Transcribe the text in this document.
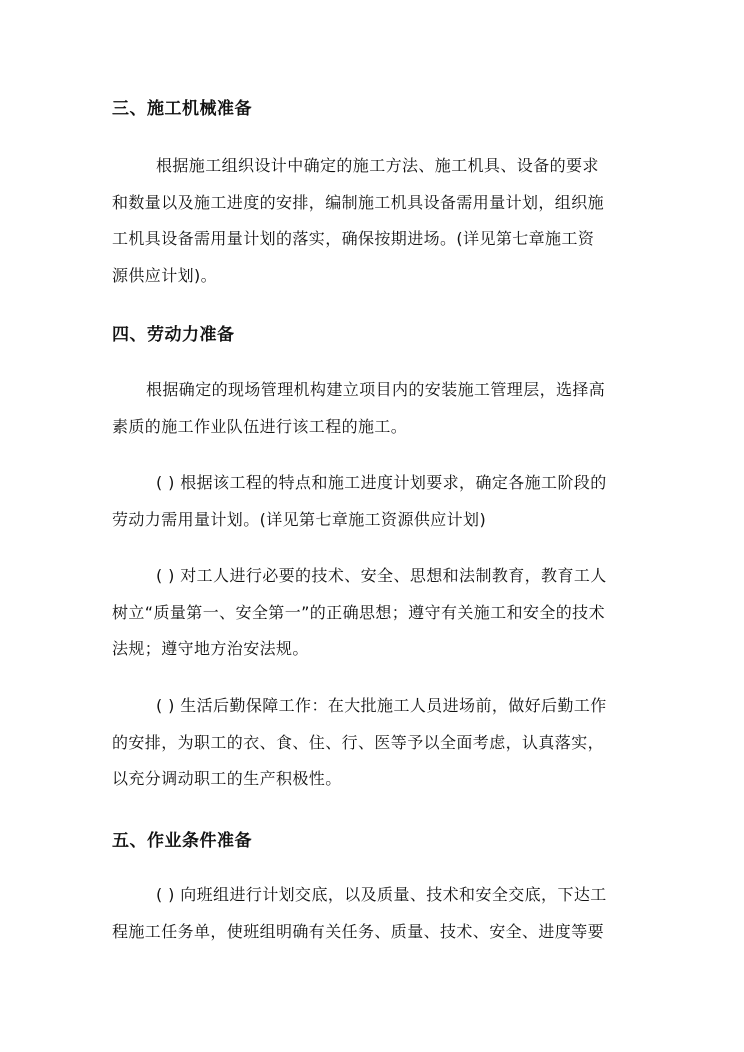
三、施工机械准备
根据施工组织设计中确定的施工方法、施工机具、设备的要求
和数量以及施工进度的安排，编制施工机具设备需用量计划，组织施
工机具设备需用量计划的落实，确保按期进场。(详见第七章施工资
源供应计划)。
四、劳动力准备
根据确定的现场管理机构建立项目内的安装施工管理层，选择高
素质的施工作业队伍进行该工程的施工。
( ) 根据该工程的特点和施工进度计划要求，确定各施工阶段的
劳动力需用量计划。(详见第七章施工资源供应计划)
( ) 对工人进行必要的技术、安全、思想和法制教育，教育工人
树立“质量第一、安全第一”的正确思想；遵守有关施工和安全的技术
法规；遵守地方治安法规。
( ) 生活后勤保障工作：在大批施工人员进场前，做好后勤工作
的安排，为职工的衣、食、住、行、医等予以全面考虑，认真落实，
以充分调动职工的生产积极性。
五、作业条件准备
( ) 向班组进行计划交底，以及质量、技术和安全交底，下达工
程施工任务单，使班组明确有关任务、质量、技术、安全、进度等要
